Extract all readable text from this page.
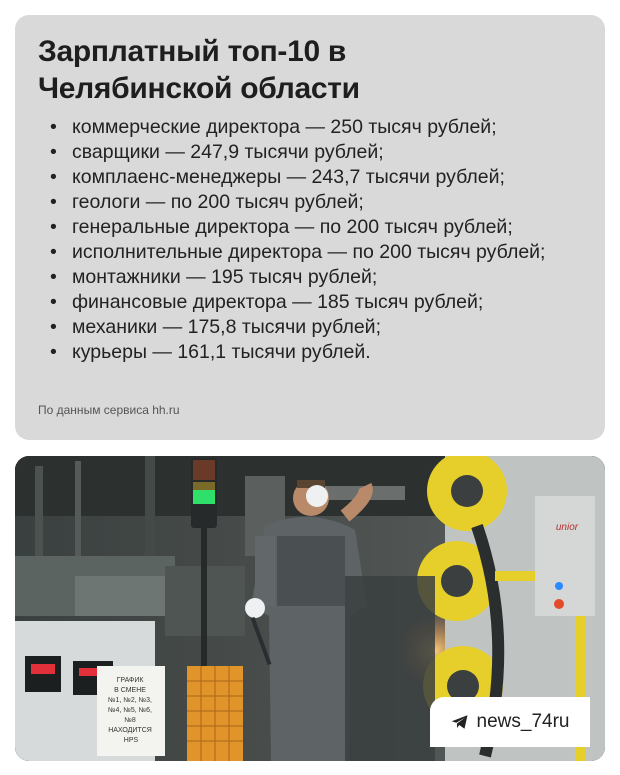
Зарплатный топ-10 в Челябинской области
• коммерческие директора — 250 тысяч рублей;
• сварщики — 247,9 тысячи рублей;
• комплаенс-менеджеры — 243,7 тысячи рублей;
• геологи — по 200 тысяч рублей;
• генеральные директора — по 200 тысяч рублей;
• исполнительные директора — по 200 тысяч рублей;
• монтажники — 195 тысяч рублей;
• финансовые директора — 185 тысяч рублей;
• механики — 175,8 тысячи рублей;
• курьеры — 161,1 тысячи рублей.
По данным сервиса hh.ru
ГРАФИК В СМЕНЕ №1, №2, №3, №4, №5, №6, №8 НАХОДИТСЯ HPS
unior
news_74ru
